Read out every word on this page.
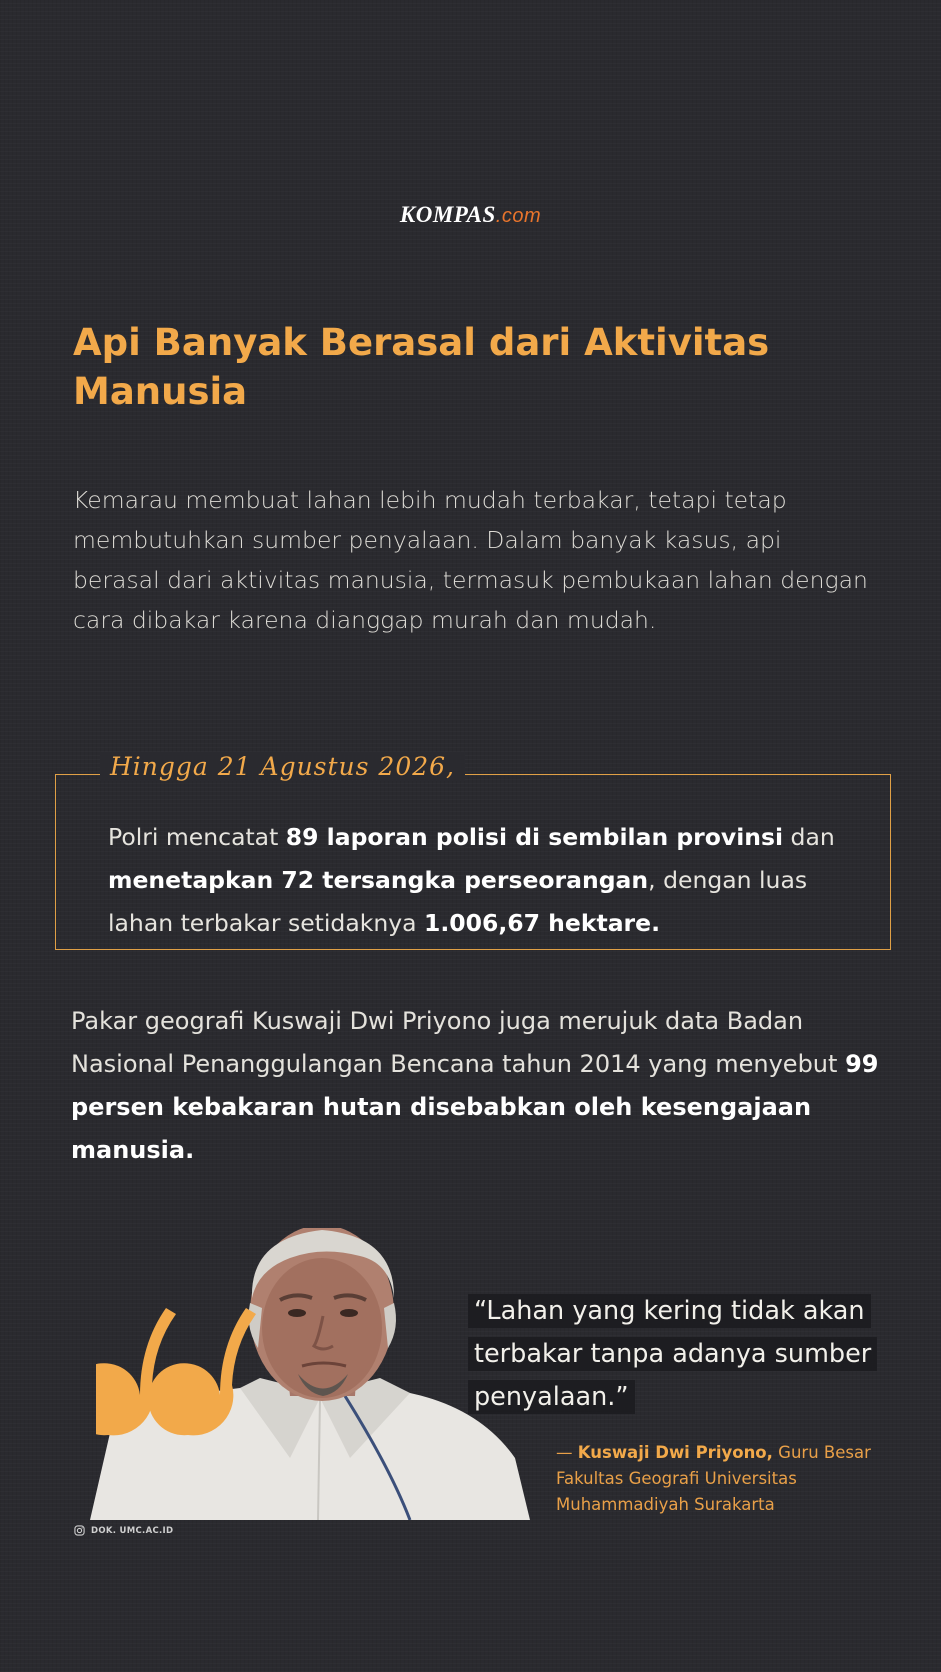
KOMPAS.com
Api Banyak Berasal dari Aktivitas Manusia

Kemarau membuat lahan lebih mudah terbakar, tetapi tetap membutuhkan sumber penyalaan. Dalam banyak kasus, api berasal dari aktivitas manusia, termasuk pembukaan lahan dengan cara dibakar karena dianggap murah dan mudah.

Hingga 21 Agustus 2026,

Polri mencatat 89 laporan polisi di sembilan provinsi dan menetapkan 72 tersangka perseorangan, dengan luas lahan terbakar setidaknya 1.006,67 hektare.

Pakar geografi Kuswaji Dwi Priyono juga merujuk data Badan Nasional Penanggulangan Bencana tahun 2014 yang menyebut 99 persen kebakaran hutan disebabkan oleh kesengajaan manusia.

“Lahan yang kering tidak akan terbakar tanpa adanya sumber penyalaan.”

— Kuswaji Dwi Priyono, Guru Besar Fakultas Geografi Universitas Muhammadiyah Surakarta

DOK. UMC.AC.ID
